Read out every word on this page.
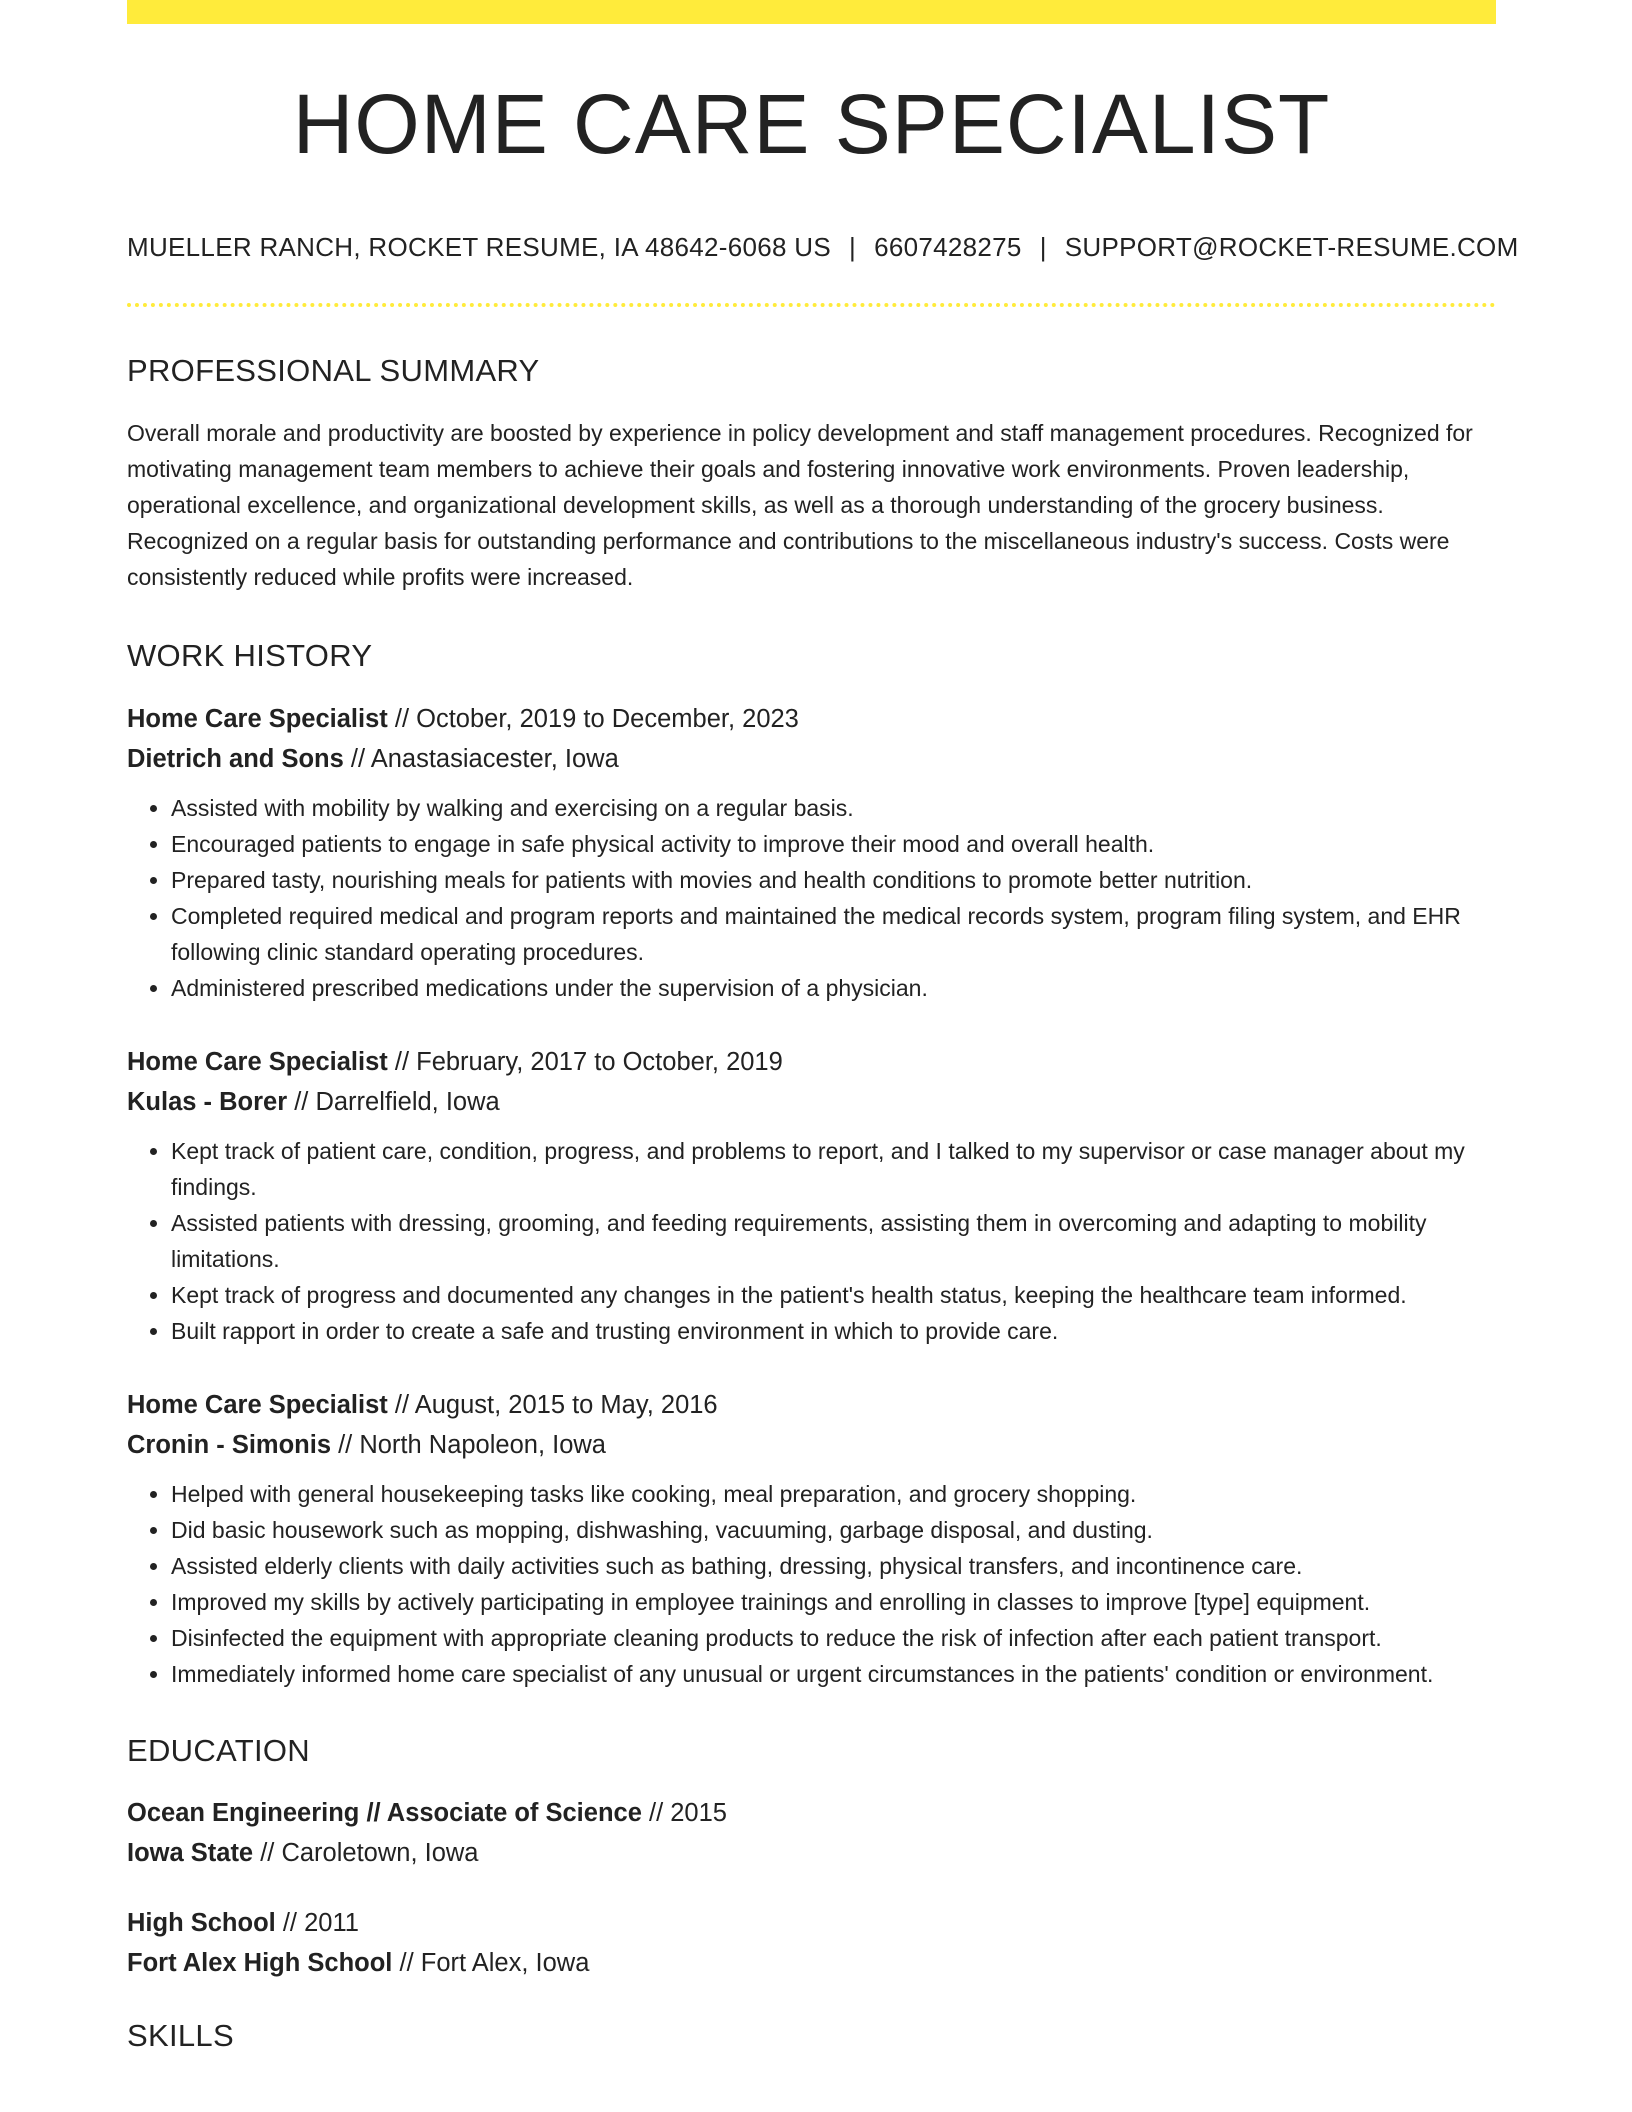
HOME CARE SPECIALIST
MUELLER RANCH, ROCKET RESUME, IA 48642-6068 US | 6607428275 | SUPPORT@ROCKET-RESUME.COM
PROFESSIONAL SUMMARY
Overall morale and productivity are boosted by experience in policy development and staff management procedures. Recognized for motivating management team members to achieve their goals and fostering innovative work environments. Proven leadership, operational excellence, and organizational development skills, as well as a thorough understanding of the grocery business. Recognized on a regular basis for outstanding performance and contributions to the miscellaneous industry's success. Costs were consistently reduced while profits were increased.
WORK HISTORY
Home Care Specialist // October, 2019 to December, 2023
Dietrich and Sons // Anastasiacester, Iowa
• Assisted with mobility by walking and exercising on a regular basis.
• Encouraged patients to engage in safe physical activity to improve their mood and overall health.
• Prepared tasty, nourishing meals for patients with movies and health conditions to promote better nutrition.
• Completed required medical and program reports and maintained the medical records system, program filing system, and EHR following clinic standard operating procedures.
• Administered prescribed medications under the supervision of a physician.
Home Care Specialist // February, 2017 to October, 2019
Kulas - Borer // Darrelfield, Iowa
• Kept track of patient care, condition, progress, and problems to report, and I talked to my supervisor or case manager about my findings.
• Assisted patients with dressing, grooming, and feeding requirements, assisting them in overcoming and adapting to mobility limitations.
• Kept track of progress and documented any changes in the patient's health status, keeping the healthcare team informed.
• Built rapport in order to create a safe and trusting environment in which to provide care.
Home Care Specialist // August, 2015 to May, 2016
Cronin - Simonis // North Napoleon, Iowa
• Helped with general housekeeping tasks like cooking, meal preparation, and grocery shopping.
• Did basic housework such as mopping, dishwashing, vacuuming, garbage disposal, and dusting.
• Assisted elderly clients with daily activities such as bathing, dressing, physical transfers, and incontinence care.
• Improved my skills by actively participating in employee trainings and enrolling in classes to improve [type] equipment.
• Disinfected the equipment with appropriate cleaning products to reduce the risk of infection after each patient transport.
• Immediately informed home care specialist of any unusual or urgent circumstances in the patients' condition or environment.
EDUCATION
Ocean Engineering // Associate of Science // 2015
Iowa State // Caroletown, Iowa
High School // 2011
Fort Alex High School // Fort Alex, Iowa
SKILLS
